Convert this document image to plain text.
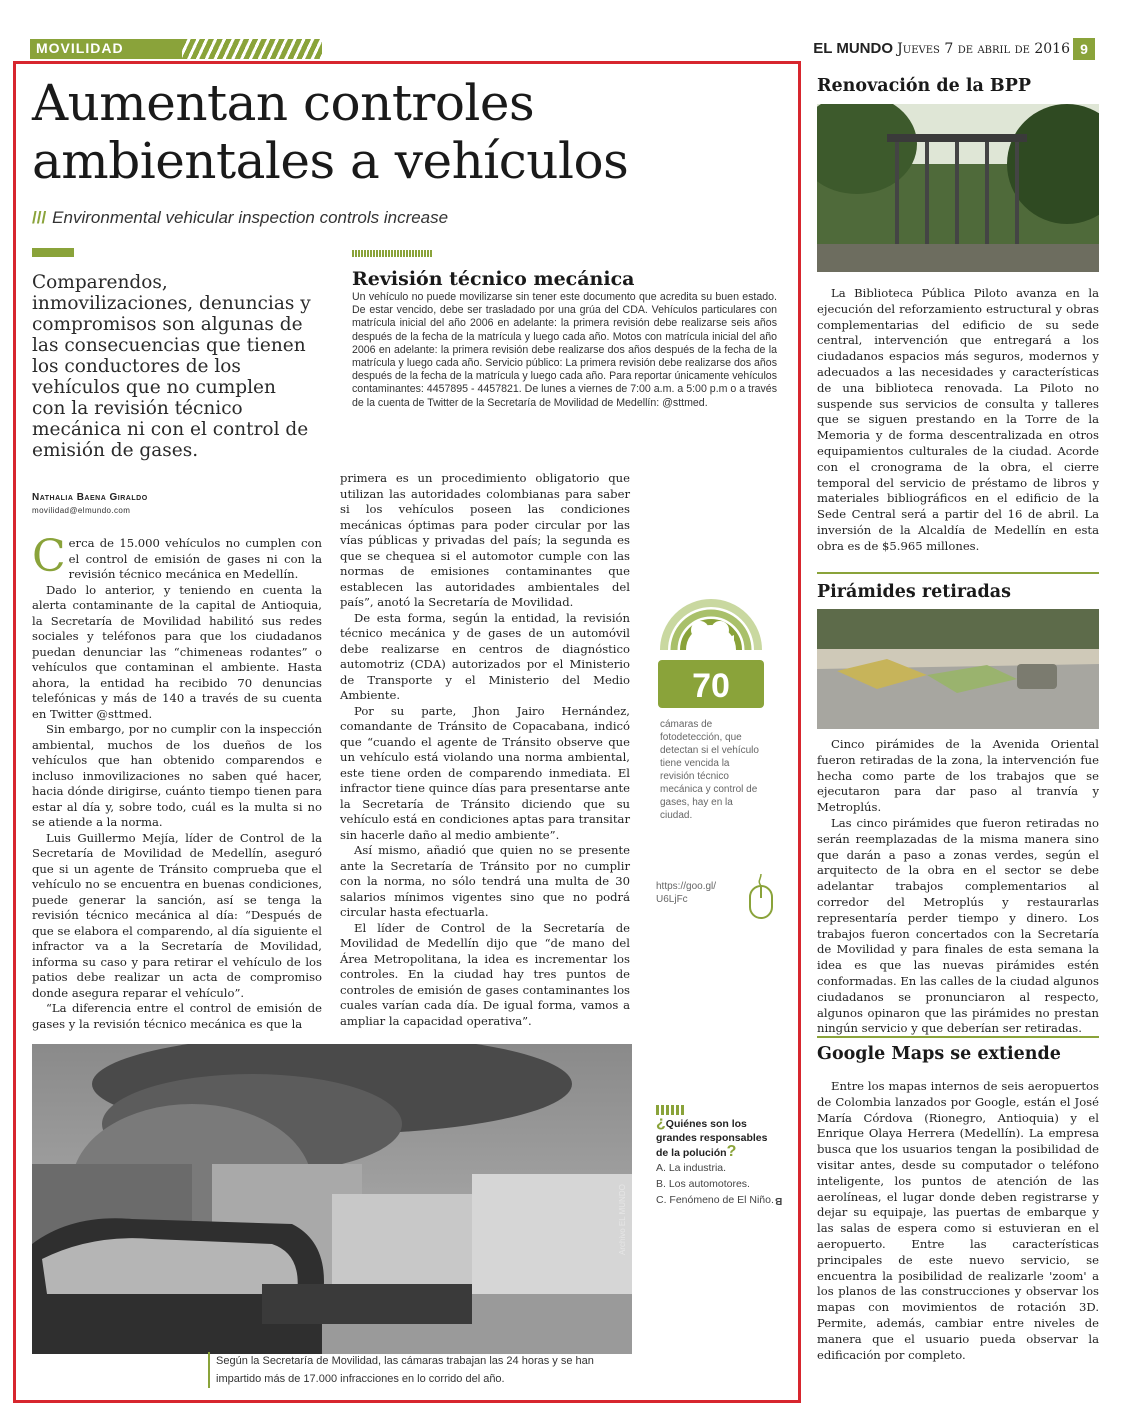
MOVILIDAD	EL MUNDO Jueves 7 de abril de 2016 9
Aumentan controles
ambientales a vehículos
/// Environmental vehicular inspection controls increase
Comparendos, inmovilizaciones, denuncias y compromisos son algunas de las consecuencias que tienen los conductores de los vehículos que no cumplen con la revisión técnico mecánica ni con el control de emisión de gases.
Nathalia Baena Giraldo
movilidad@elmundo.com
Revisión técnico mecánica
Un vehículo no puede movilizarse sin tener este documento que acredita su buen estado. De estar vencido, debe ser trasladado por una grúa del CDA. Vehículos particulares con matrícula inicial del año 2006 en adelante: la primera revisión debe realizarse seis años después de la fecha de la matrícula y luego cada año. Motos con matrícula inicial del año 2006 en adelante: la primera revisión debe realizarse dos años después de la fecha de la matrícula y luego cada año. Servicio público: La primera revisión debe realizarse dos años después de la fecha de la matrícula y luego cada año. Para reportar únicamente vehículos contaminantes: 4457895 - 4457821. De lunes a viernes de 7:00 a.m. a 5:00 p.m o a través de la cuenta de Twitter de la Secretaría de Movilidad de Medellín: @sttmed.

Cerca de 15.000 vehículos no cumplen con el control de emisión de gases ni con la revisión técnico mecánica en Medellín.

Dado lo anterior, y teniendo en cuenta la alerta contaminante de la capital de Antioquia, la Secretaría de Movilidad habilitó sus redes sociales y teléfonos para que los ciudadanos puedan denunciar las “chimeneas rodantes” o vehículos que contaminan el ambiente. Hasta ahora, la entidad ha recibido 70 denuncias telefónicas y más de 140 a través de su cuenta en Twitter @sttmed.

Sin embargo, por no cumplir con la inspección ambiental, muchos de los dueños de los vehículos que han obtenido comparendos e incluso inmovilizaciones no saben qué hacer, hacia dónde dirigirse, cuánto tiempo tienen para estar al día y, sobre todo, cuál es la multa si no se atiende a la norma.

Luis Guillermo Mejía, líder de Control de la Secretaría de Movilidad de Medellín, aseguró que si un agente de Tránsito comprueba que el vehículo no se encuentra en buenas condiciones, puede generar la sanción, así se tenga la revisión técnico mecánica al día: “Después de que se elabora el comparendo, al día siguiente el infractor va a la Secretaría de Movilidad, informa su caso y para retirar el vehículo de los patios debe realizar un acta de compromiso donde asegura reparar el vehículo”.

“La diferencia entre el control de emisión de gases y la revisión técnico mecánica es que la

primera es un procedimiento obligatorio que utilizan las autoridades colombianas para saber si los vehículos poseen las condiciones mecánicas óptimas para poder circular por las vías públicas y privadas del país; la segunda es que se chequea si el automotor cumple con las normas de emisiones contaminantes que establecen las autoridades ambientales del país”, anotó la Secretaría de Movilidad.

De esta forma, según la entidad, la revisión técnico mecánica y de gases de un automóvil debe realizarse en centros de diagnóstico automotriz (CDA) autorizados por el Ministerio de Transporte y el Ministerio del Medio Ambiente.

Por su parte, Jhon Jairo Hernández, comandante de Tránsito de Copacabana, indicó que “cuando el agente de Tránsito observe que un vehículo está violando una norma ambiental, este tiene orden de comparendo inmediata. El infractor tiene quince días para presentarse ante la Secretaría de Tránsito diciendo que su vehículo está en condiciones aptas para transitar sin hacerle daño al medio ambiente”.

Así mismo, añadió que quien no se presente ante la Secretaría de Tránsito por no cumplir con la norma, no sólo tendrá una multa de 30 salarios mínimos vigentes sino que no podrá circular hasta efectuarla.

El líder de Control de la Secretaría de Movilidad de Medellín dijo que “de mano del Área Metropolitana, la idea es incrementar los controles. En la ciudad hay tres puntos de controles de emisión de gases contaminantes los cuales varían cada día. De igual forma, vamos a ampliar la capacidad operativa”.

70
cámaras de fotodetección, que detectan si el vehículo tiene vencida la revisión técnico mecánica y control de gases, hay en la ciudad.
https://goo.gl/
U6LjFc
Archivo EL MUNDO
Según la Secretaría de Movilidad, las cámaras trabajan las 24 horas y se han impartido más de 17.000 infracciones en lo corrido del año.
¿Quiénes son los grandes responsables de la polución?
A. La industria.
B. Los automotores.
C. Fenómeno de El Niño. B
Renovación de la BPP

La Biblioteca Pública Piloto avanza en la ejecución del reforzamiento estructural y obras complementarias del edificio de su sede central, intervención que entregará a los ciudadanos espacios más seguros, modernos y adecuados a las necesidades y características de una biblioteca renovada. La Piloto no suspende sus servicios de consulta y talleres que se siguen prestando en la Torre de la Memoria y de forma descentralizada en otros equipamientos culturales de la ciudad. Acorde con el cronograma de la obra, el cierre temporal del servicio de préstamo de libros y materiales bibliográficos en el edificio de la Sede Central será a partir del 16 de abril. La inversión de la Alcaldía de Medellín en esta obra es de $5.965 millones.

Pirámides retiradas

Cinco pirámides de la Avenida Oriental fueron retiradas de la zona, la intervención fue hecha como parte de los trabajos que se ejecutaron para dar paso al tranvía y Metroplús.

Las cinco pirámides que fueron retiradas no serán reemplazadas de la misma manera sino que darán a paso a zonas verdes, según el arquitecto de la obra en el sector se debe adelantar trabajos complementarios al corredor del Metroplús y restaurarlas representaría perder tiempo y dinero. Los trabajos fueron concertados con la Secretaría de Movilidad y para finales de esta semana la idea es que las nuevas pirámides estén conformadas. En las calles de la ciudad algunos ciudadanos se pronunciaron al respecto, algunos opinaron que las pirámides no prestan ningún servicio y que deberían ser retiradas.

Google Maps se extiende

Entre los mapas internos de seis aeropuertos de Colombia lanzados por Google, están el José María Córdova (Rionegro, Antioquia) y el Enrique Olaya Herrera (Medellín). La empresa busca que los usuarios tengan la posibilidad de visitar antes, desde su computador o teléfono inteligente, los puntos de atención de las aerolíneas, el lugar donde deben registrarse y dejar su equipaje, las puertas de embarque y las salas de espera como si estuvieran en el aeropuerto. Entre las características principales de este nuevo servicio, se encuentra la posibilidad de realizarle 'zoom' a los planos de las construcciones y observar los mapas con movimientos de rotación 3D. Permite, además, cambiar entre niveles de manera que el usuario pueda observar la edificación por completo.
